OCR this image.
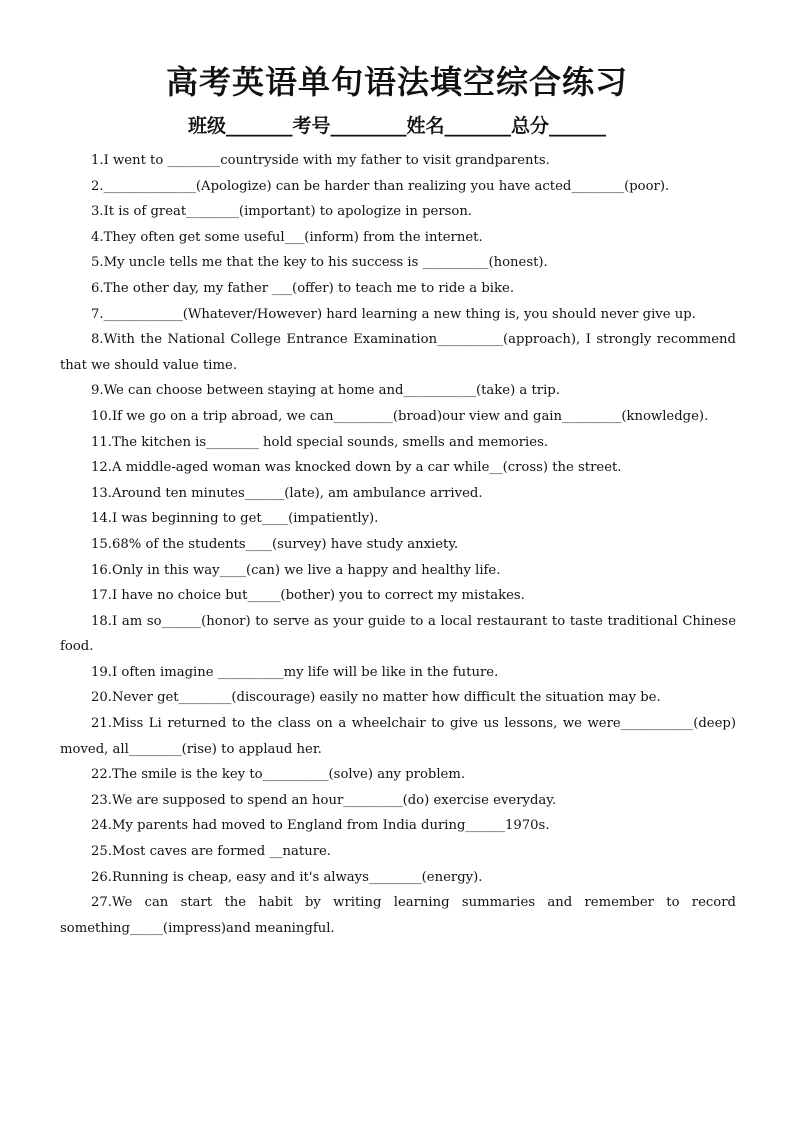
高考英语单句语法填空综合练习
班级_______考号________姓名_______总分______

1.I went to ________countryside with my father to visit grandparents.

2.______________(Apologize) can be harder than realizing you have acted________(poor).

3.It is of great________(important) to apologize in person.

4.They often get some useful___(inform) from the internet.

5.My uncle tells me that the key to his success is __________(honest).

6.The other day, my father ___(offer) to teach me to ride a bike.

7.____________(Whatever/However) hard learning a new thing is, you should never give up.

8.With the National College Entrance Examination__________(approach), I strongly recommend that we should value time.

9.We can choose between staying at home and___________(take) a trip.

10.If we go on a trip abroad, we can_________(broad)our view and gain_________(knowledge).

11.The kitchen is________ hold special sounds, smells and memories.

12.A middle-aged woman was knocked down by a car while__(cross) the street.

13.Around ten minutes______(late), am ambulance arrived.

14.I was beginning to get____(impatiently).

15.68% of the students____(survey) have study anxiety.

16.Only in this way____(can) we live a happy and healthy life.

17.I have no choice but_____(bother) you to correct my mistakes.

18.I am so______(honor) to serve as your guide to a local restaurant to taste traditional Chinese food.

19.I often imagine __________my life will be like in the future.

20.Never get________(discourage) easily no matter how difficult the situation may be.

21.Miss Li returned to the class on a wheelchair to give us lessons, we were___________(deep) moved, all________(rise) to applaud her.

22.The smile is the key to__________(solve) any problem.

23.We are supposed to spend an hour_________(do) exercise everyday.

24.My parents had moved to England from India during______1970s.

25.Most caves are formed __nature.

26.Running is cheap, easy and it's always________(energy).

27.We can start the habit by writing learning summaries and remember to record something_____(impress)and meaningful.
